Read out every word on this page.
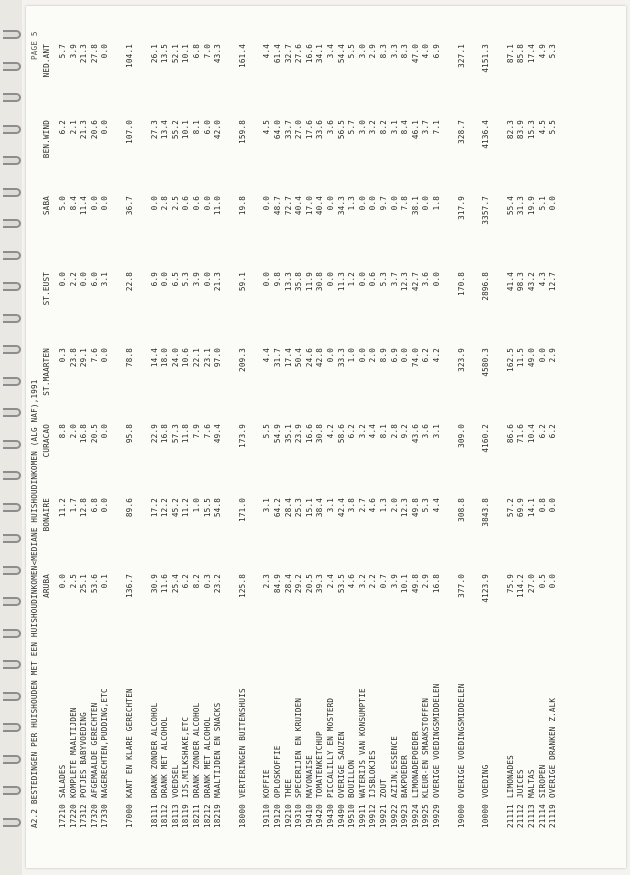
A2.2 BESTEDINGEN PER HUISHOUDEN MET EEN HUISHOUDINKOMEN<MEDIANE HUISHOUDINKOMEN (ALG NAF),1991
PAGE 5
ARUBA
BONAIRE
CURACAO
ST.MAARTEN
ST.EUST
SABA
BEN.WIND
NED.ANT
17210
SALADES
0.0
11.2
8.8
0.3
0.0
5.0
6.2
5.7
17220
KOMPLETE MAALTIJDEN
2.5
1.7
2.0
23.8
2.2
8.4
2.1
3.9
17312
POTJES BABYVOEDING
25.1
12.8
16.8
29.1
0.0
11.4
21.3
21.3
17320
AFGEMAALDE GERECHTEN
53.6
6.8
20.5
7.6
6.0
0.0
20.6
27.8
17330
NAGERECHTEN,PUDDING,ETC
0.1
0.0
0.0
0.0
3.1
0.0
0.0
0.0
17000
KANT EN KLARE GERECHTEN
136.7
89.6
95.8
78.8
22.8
36.7
107.0
104.1
18111
DRANK ZONDER ALCOHOL
30.9
17.2
22.9
14.4
6.9
0.0
27.3
26.1
18112
DRANK MET ALCOHOL
11.6
12.2
16.8
18.0
0.0
2.8
13.4
13.5
18113
VOEDSEL
25.4
45.2
57.3
24.0
6.5
2.5
55.2
52.1
18119
IJS,MILKSHAKE,ETC
6.2
11.2
11.8
10.6
5.3
0.6
10.1
10.1
18211
DRANK ZONDER ALCOHOL
8.2
1.0
7.9
22.1
3.9
0.6
8.1
6.8
18212
DRANK MET ALCOHOL
0.3
15.5
7.6
23.1
0.0
0.0
6.0
7.0
18219
MAALTIJDEN EN SNACKS
23.2
54.8
49.4
97.0
21.3
11.0
42.0
43.3
18000
VERTERINGEN BUITENSHUIS
125.8
171.0
173.9
209.3
59.1
19.8
159.8
161.4
19110
KOFFIE
2.3
3.1
5.5
4.4
0.0
0.0
4.5
4.4
19120
OPLOSKOFFIE
84.9
64.2
54.9
31.7
9.8
48.7
64.0
61.4
19210
THEE
28.4
28.4
35.1
17.4
13.3
72.7
33.7
32.7
19310
SPECERIJEN EN KRUIDEN
29.2
25.3
23.9
50.4
35.8
40.4
27.0
27.6
19410
MAYONAISE
20.5
15.1
16.6
24.6
11.9
17.0
17.6
16.6
19420
TOMATENKETCHUP
39.3
38.4
30.8
42.8
30.8
40.4
33.6
34.1
19430
PICCALILLY EN MOSTERD
2.4
3.1
4.2
0.0
0.0
0.0
3.6
3.4
19490
OVERIGE SAUZEN
53.5
42.4
58.6
33.3
11.3
34.3
56.5
54.4
19510
BOUILLON
4.6
3.8
6.2
1.0
1.2
1.3
5.7
5.5
19911
WATERIJS VAN KONSUMPTIE
3.2
2.7
3.2
0.0
0.0
0.0
3.0
3.0
19912
IJSBLOKJES
2.2
4.6
4.4
2.0
0.6
0.0
3.2
2.9
19921
ZOUT
0.7
1.3
8.1
8.9
5.3
9.7
8.2
8.3
19922
AZIJN,ESSENCE
3.9
2.0
2.8
6.9
3.7
0.0
3.1
3.3
19923
BAKPOEDER
10.1
12.3
9.2
0.0
12.3
7.8
8.4
8.3
19924
LIMONADEPOEDER
49.8
49.8
43.6
74.0
42.7
38.1
46.1
47.0
19925
KLEUR-EN SMAAKSTOFFEN
2.9
5.3
3.6
6.2
3.6
0.0
3.7
4.0
19929
OVERIGE VOEDINGSMIDDELEN
16.8
4.4
3.1
4.2
0.0
1.8
7.1
6.9
19000
OVERIGE VOEDINGSMIDDELEN
377.0
308.8
309.0
323.9
170.8
317.9
328.7
327.1
10000
VOEDING
4123.9
3843.8
4160.2
4580.3
2896.8
3357.7
4136.4
4151.3
21111
LIMONADES
75.9
57.2
86.6
162.5
41.4
55.4
82.3
87.1
21112
JUICES
114.2
69.9
71.6
11.5
98.3
31.3
83.9
85.8
21113
MALTAS
27.0
14.1
10.4
49.0
43.2
19.9
15.3
17.4
21114
SIROPEN
0.5
0.8
6.2
0.0
4.3
5.1
4.5
4.9
21119
OVERIGE DRANKEN Z.ALK
0.0
0.0
6.2
2.9
12.7
0.0
5.5
5.3
